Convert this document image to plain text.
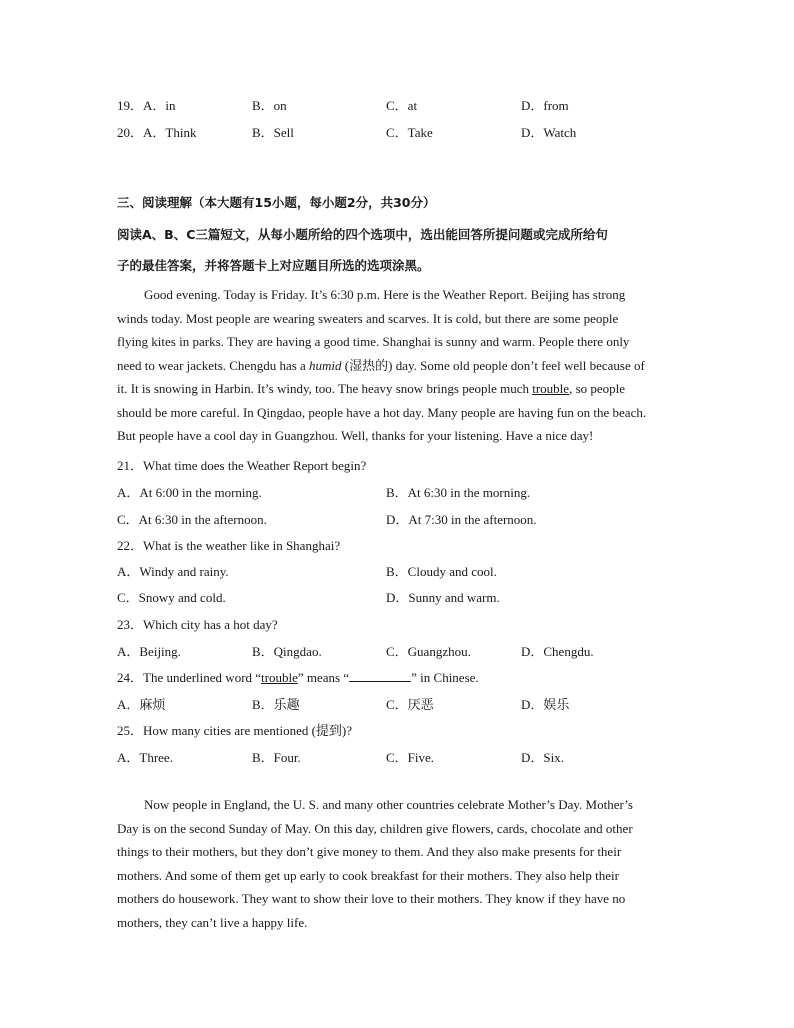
19．A．in	B．on	C．at	D．from
20．A．Think	B．Sell	C．Take	D．Watch
三、阅读理解（本大题有15小题，每小题2分，共30分）
阅读A、B、C三篇短文，从每小题所给的四个选项中，选出能回答所提问题或完成所给句
子的最佳答案，并将答题卡上对应题目所选的选项涂黑。
Good evening. Today is Friday. It’s 6:30 p.m. Here is the Weather Report. Beijing has strong
winds today. Most people are wearing sweaters and scarves. It is cold, but there are some people
flying kites in parks. They are having a good time. Shanghai is sunny and warm. People there only
need to wear jackets. Chengdu has a humid (湿热的) day. Some old people don’t feel well because of
it. It is snowing in Harbin. It’s windy, too. The heavy snow brings people much trouble, so people
should be more careful. In Qingdao, people have a hot day. Many people are having fun on the beach.
But people have a cool day in Guangzhou. Well, thanks for your listening. Have a nice day!
21．What time does the Weather Report begin?
A．At 6:00 in the morning.	B．At 6:30 in the morning.
C．At 6:30 in the afternoon.	D．At 7:30 in the afternoon.
22．What is the weather like in Shanghai?
A．Windy and rainy.	B．Cloudy and cool.
C．Snowy and cold.	D．Sunny and warm.
23．Which city has a hot day?
A．Beijing.	B．Qingdao.	C．Guangzhou.	D．Chengdu.
24．The underlined word “trouble” means “	” in Chinese.
A．麻烦	B．乐趣	C．厌恶	D．娱乐
25．How many cities are mentioned (提到)?
A．Three.	B．Four.	C．Five.	D．Six.
Now people in England, the U. S. and many other countries celebrate Mother’s Day. Mother’s
Day is on the second Sunday of May. On this day, children give flowers, cards, chocolate and other
things to their mothers, but they don’t give money to them. And they also make presents for their
mothers. And some of them get up early to cook breakfast for their mothers. They also help their
mothers do housework. They want to show their love to their mothers. They know if they have no
mothers, they can’t live a happy life.
